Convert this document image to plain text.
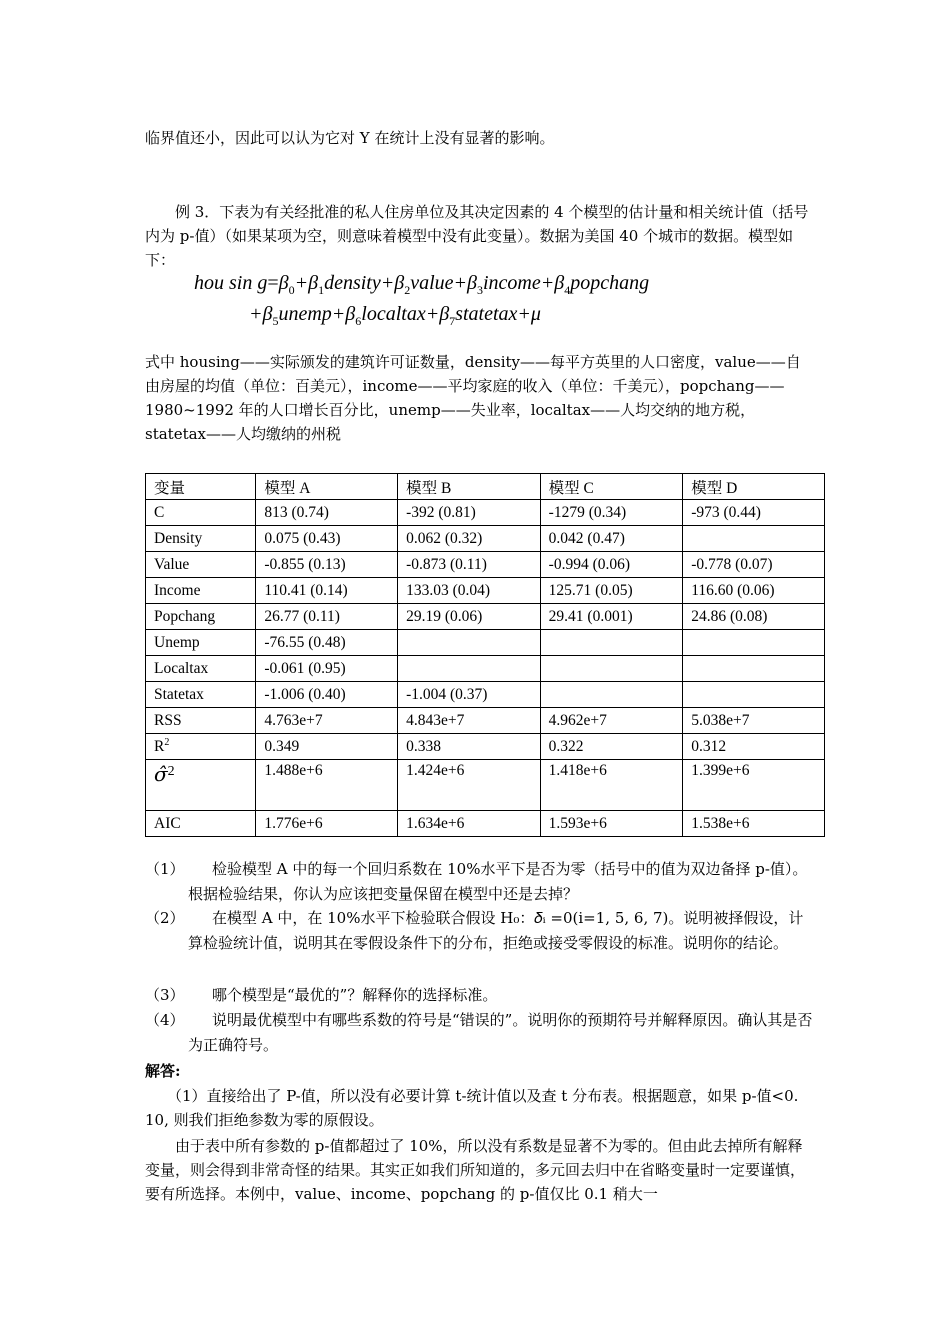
临界值还小，因此可以认为它对 Y 在统计上没有显著的影响。

例 3．下表为有关经批准的私人住房单位及其决定因素的 4 个模型的估计量和相关统计值（括号内为 p-值）（如果某项为空，则意味着模型中没有此变量）。数据为美国 40 个城市的数据。模型如下：

hou $\sin g=\beta_0+\beta_1density+\beta_2value+\beta_3income+\beta_4popchang$
$+\beta_5unemp+\beta_6localtax+\beta_7statetax+\mu$

式中 housing——实际颁发的建筑许可证数量，density——每平方英里的人口密度，value——自由房屋的均值（单位：百美元），income——平均家庭的收入（单位：千美元），popchang——1980~1992 年的人口增长百分比，unemp——失业率，localtax——人均交纳的地方税，statetax——人均缴纳的州税

变量	模型 A	模型 B	模型 C	模型 D
C	813 (0.74)	-392 (0.81)	-1279 (0.34)	-973 (0.44)
Density	0.075 (0.43)	0.062 (0.32)	0.042 (0.47)	
Value	-0.855 (0.13)	-0.873 (0.11)	-0.994 (0.06)	-0.778 (0.07)
Income	110.41 (0.14)	133.03 (0.04)	125.71 (0.05)	116.60 (0.06)
Popchang	26.77 (0.11)	29.19 (0.06)	29.41 (0.001)	24.86 (0.08)
Unemp	-76.55 (0.48)			
Localtax	-0.061 (0.95)			
Statetax	-1.006 (0.40)	-1.004 (0.37)		
RSS	4.763e+7	4.843e+7	4.962e+7	5.038e+7
$R^2$	0.349	0.338	0.322	0.312
σ̂$^2$	1.488e+6	1.424e+6	1.418e+6	1.399e+6
AIC	1.776e+6	1.634e+6	1.593e+6	1.538e+6
（1）	检验模型 A 中的每一个回归系数在 10%水平下是否为零（括号中的值为双边备择 p-值）。根据检验结果，你认为应该把变量保留在模型中还是去掉？
（2）	在模型 A 中，在 10%水平下检验联合假设 H₀：𝛿ᵢ =0(i=1, 5, 6, 7)。说明被择假设，计算检验统计值，说明其在零假设条件下的分布，拒绝或接受零假设的标准。说明你的结论。
（3）	哪个模型是“最优的”？解释你的选择标准。
（4）	说明最优模型中有哪些系数的符号是“错误的”。说明你的预期符号并解释原因。确认其是否为正确符号。
解答:

（1）直接给出了 P-值，所以没有必要计算 t-统计值以及查 t 分布表。根据题意，如果 p-值<0. 10, 则我们拒绝参数为零的原假设。

由于表中所有参数的 p-值都超过了 10%，所以没有系数是显著不为零的。但由此去掉所有解释变量，则会得到非常奇怪的结果。其实正如我们所知道的，多元回去归中在省略变量时一定要谨慎，要有所选择。本例中，value、income、popchang 的 p-值仅比 0.1 稍大一
